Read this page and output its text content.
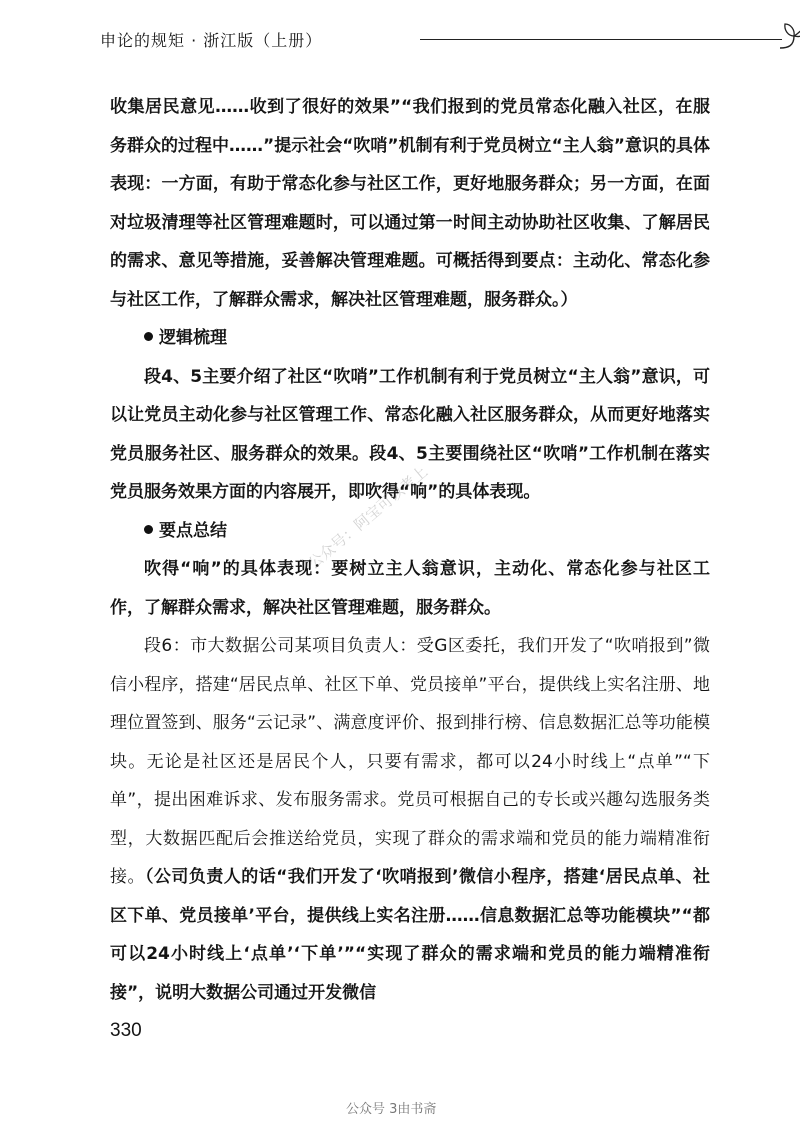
申论的规矩 · 浙江版（上册）

收集居民意见……收到了很好的效果”“我们报到的党员常态化融入社区，在服务群众的过程中……”提示社会“吹哨”机制有利于党员树立“主人翁”意识的具体表现：一方面，有助于常态化参与社区工作，更好地服务群众；另一方面，在面对垃圾清理等社区管理难题时，可以通过第一时间主动协助社区收集、了解居民的需求、意见等措施，妥善解决管理难题。可概括得到要点：主动化、常态化参与社区工作，了解群众需求，解决社区管理难题，服务群众。）

逻辑梳理

段4、5主要介绍了社区“吹哨”工作机制有利于党员树立“主人翁”意识，可以让党员主动化参与社区管理工作、常态化融入社区服务群众，从而更好地落实党员服务社区、服务群众的效果。段4、5主要围绕社区“吹哨”工作机制在落实党员服务效果方面的内容展开，即吹得“响”的具体表现。

要点总结

吹得“响”的具体表现：要树立主人翁意识，主动化、常态化参与社区工作，了解群众需求，解决社区管理难题，服务群众。

段6：市大数据公司某项目负责人：受G区委托，我们开发了“吹哨报到”微信小程序，搭建“居民点单、社区下单、党员接单”平台，提供线上实名注册、地理位置签到、服务“云记录”、满意度评价、报到排行榜、信息数据汇总等功能模块。无论是社区还是居民个人，只要有需求，都可以24小时线上“点单”“下单”，提出困难诉求、发布服务需求。党员可根据自己的专长或兴趣勾选服务类型，大数据匹配后会推送给党员，实现了群众的需求端和党员的能力端精准衔接。（公司负责人的话“我们开发了‘吹哨报到’微信小程序，搭建‘居民点单、社区下单、党员接单’平台，提供线上实名注册……信息数据汇总等功能模块”“都可以24小时线上‘点单’‘下单’”“实现了群众的需求端和党员的能力端精准衔接”，说明大数据公司通过开发微信

公众号：阿宝可以考上
330
公众号 3由书斋
